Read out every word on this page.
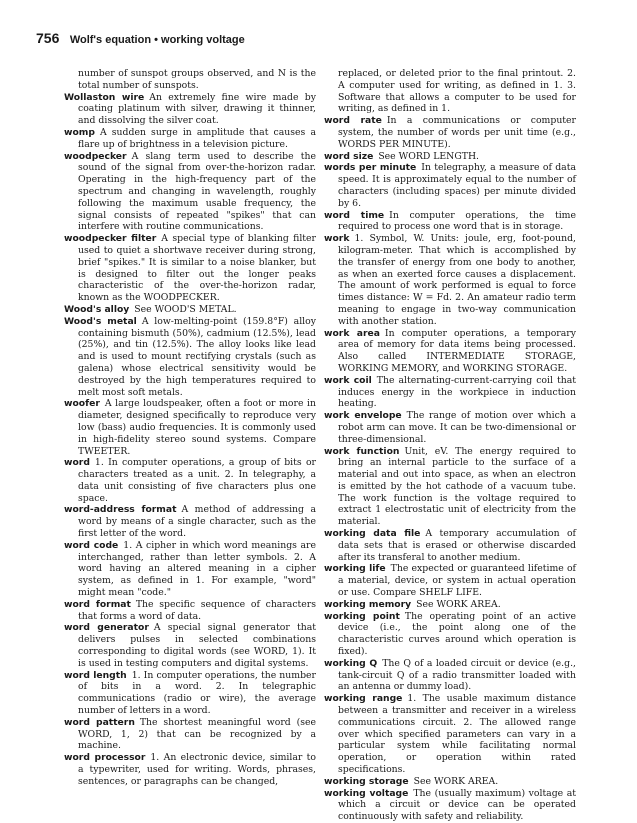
756 Wolf's equation • working voltage

number of sunspot groups observed, and N is the total number of sunspots.

Wollaston wire An extremely fine wire made by coating platinum with silver, drawing it thinner, and dissolving the silver coat.

womp A sudden surge in amplitude that causes a flare up of brightness in a television picture.

woodpecker A slang term used to describe the sound of the signal from over-the-horizon radar. Operating in the high-frequency part of the spectrum and changing in wavelength, roughly following the maximum usable frequency, the signal consists of repeated "spikes" that can interfere with routine communications.

woodpecker filter A special type of blanking filter used to quiet a shortwave receiver during strong, brief "spikes." It is similar to a noise blanker, but is designed to filter out the longer peaks characteristic of the over-the-horizon radar, known as the WOODPECKER.

Wood's alloy See WOOD'S METAL.

Wood's metal A low-melting-point (159.8°F) alloy containing bismuth (50%), cadmium (12.5%), lead (25%), and tin (12.5%). The alloy looks like lead and is used to mount rectifying crystals (such as galena) whose electrical sensitivity would be destroyed by the high temperatures required to melt most soft metals.

woofer A large loudspeaker, often a foot or more in diameter, designed specifically to reproduce very low (bass) audio frequencies. It is commonly used in high-fidelity stereo sound systems. Compare TWEETER.

word 1. In computer operations, a group of bits or characters treated as a unit. 2. In telegraphy, a data unit consisting of five characters plus one space.

word-address format A method of addressing a word by means of a single character, such as the first letter of the word.

word code 1. A cipher in which word meanings are interchanged, rather than letter symbols. 2. A word having an altered meaning in a cipher system, as defined in 1. For example, "word" might mean "code."

word format The specific sequence of characters that forms a word of data.

word generator A special signal generator that delivers pulses in selected combinations corresponding to digital words (see WORD, 1). It is used in testing computers and digital systems.

word length 1. In computer operations, the number of bits in a word. 2. In telegraphic communications (radio or wire), the average number of letters in a word.

word pattern The shortest meaningful word (see WORD, 1, 2) that can be recognized by a machine.

word processor 1. An electronic device, similar to a typewriter, used for writing. Words, phrases, sentences, or paragraphs can be changed,

replaced, or deleted prior to the final printout. 2. A computer used for writing, as defined in 1. 3. Software that allows a computer to be used for writing, as defined in 1.

word rate In a communications or computer system, the number of words per unit time (e.g., WORDS PER MINUTE).

word size See WORD LENGTH.

words per minute In telegraphy, a measure of data speed. It is approximately equal to the number of characters (including spaces) per minute divided by 6.

word time In computer operations, the time required to process one word that is in storage.

work 1. Symbol, W. Units: joule, erg, foot-pound, kilogram-meter. That which is accomplished by the transfer of energy from one body to another, as when an exerted force causes a displacement. The amount of work performed is equal to force times distance: W = Fd. 2. An amateur radio term meaning to engage in two-way communication with another station.

work area In computer operations, a temporary area of memory for data items being processed. Also called INTERMEDIATE STORAGE, WORKING MEMORY, and WORKING STORAGE.

work coil The alternating-current-carrying coil that induces energy in the workpiece in induction heating.

work envelope The range of motion over which a robot arm can move. It can be two-dimensional or three-dimensional.

work function Unit, eV. The energy required to bring an internal particle to the surface of a material and out into space, as when an electron is emitted by the hot cathode of a vacuum tube. The work function is the voltage required to extract 1 electrostatic unit of electricity from the material.

working data file A temporary accumulation of data sets that is erased or otherwise discarded after its transferal to another medium.

working life The expected or guaranteed lifetime of a material, device, or system in actual operation or use. Compare SHELF LIFE.

working memory See WORK AREA.

working point The operating point of an active device (i.e., the point along one of the characteristic curves around which operation is fixed).

working Q The Q of a loaded circuit or device (e.g., tank-circuit Q of a radio transmitter loaded with an antenna or dummy load).

working range 1. The usable maximum distance between a transmitter and receiver in a wireless communications circuit. 2. The allowed range over which specified parameters can vary in a particular system while facilitating normal operation, or operation within rated specifications.

working storage See WORK AREA.

working voltage The (usually maximum) voltage at which a circuit or device can be operated continuously with safety and reliability.
